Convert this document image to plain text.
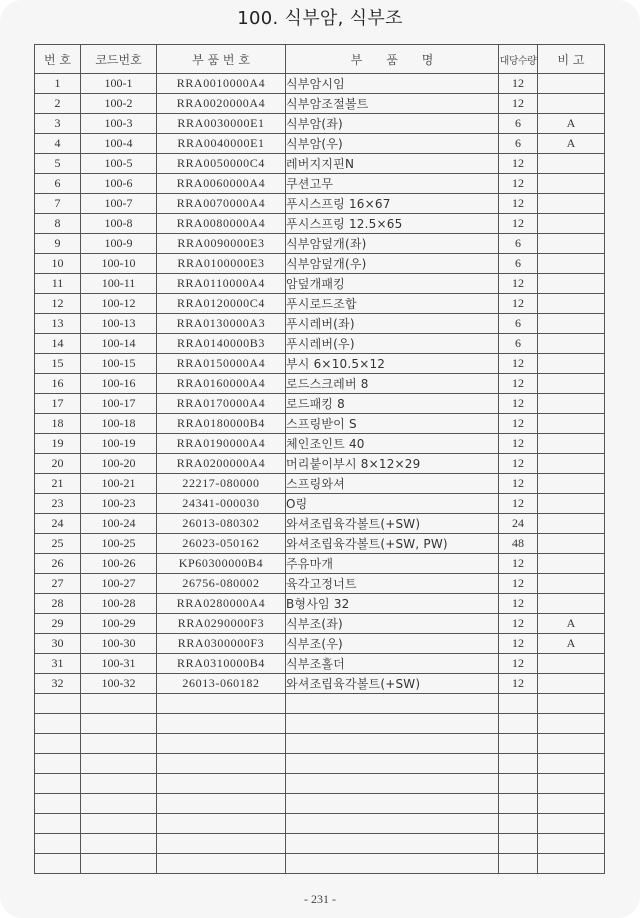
100. 식부암, 식부조
번 호	코드번호	부 품 번 호	부　　품　　명	대당수량	비 고
1	100-1	RRA0010000A4	식부암시임	12	
2	100-2	RRA0020000A4	식부암조절볼트	12	
3	100-3	RRA0030000E1	식부암(좌)	6	A
4	100-4	RRA0040000E1	식부암(우)	6	A
5	100-5	RRA0050000C4	레버지지핀N	12	
6	100-6	RRA0060000A4	쿠션고무	12	
7	100-7	RRA0070000A4	푸시스프링 16×67	12	
8	100-8	RRA0080000A4	푸시스프링 12.5×65	12	
9	100-9	RRA0090000E3	식부암덮개(좌)	6	
10	100-10	RRA0100000E3	식부암덮개(우)	6	
11	100-11	RRA0110000A4	암덮개패킹	12	
12	100-12	RRA0120000C4	푸시로드조합	12	
13	100-13	RRA0130000A3	푸시레버(좌)	6	
14	100-14	RRA0140000B3	푸시레버(우)	6	
15	100-15	RRA0150000A4	부시 6×10.5×12	12	
16	100-16	RRA0160000A4	로드스크레버 8	12	
17	100-17	RRA0170000A4	로드패킹 8	12	
18	100-18	RRA0180000B4	스프링받이 S	12	
19	100-19	RRA0190000A4	체인조인트 40	12	
20	100-20	RRA0200000A4	머리붙이부시 8×12×29	12	
21	100-21	22217-080000	스프링와셔	12	
23	100-23	24341-000030	O링	12	
24	100-24	26013-080302	와셔조립육각볼트(+SW)	24	
25	100-25	26023-050162	와셔조립육각볼트(+SW, PW)	48	
26	100-26	KP60300000B4	주유마개	12	
27	100-27	26756-080002	육각고정너트	12	
28	100-28	RRA0280000A4	B형사임 32	12	
29	100-29	RRA0290000F3	식부조(좌)	12	A
30	100-30	RRA0300000F3	식부조(우)	12	A
31	100-31	RRA0310000B4	식부조홀더	12	
32	100-32	26013-060182	와셔조립육각볼트(+SW)	12	

- 231 -
